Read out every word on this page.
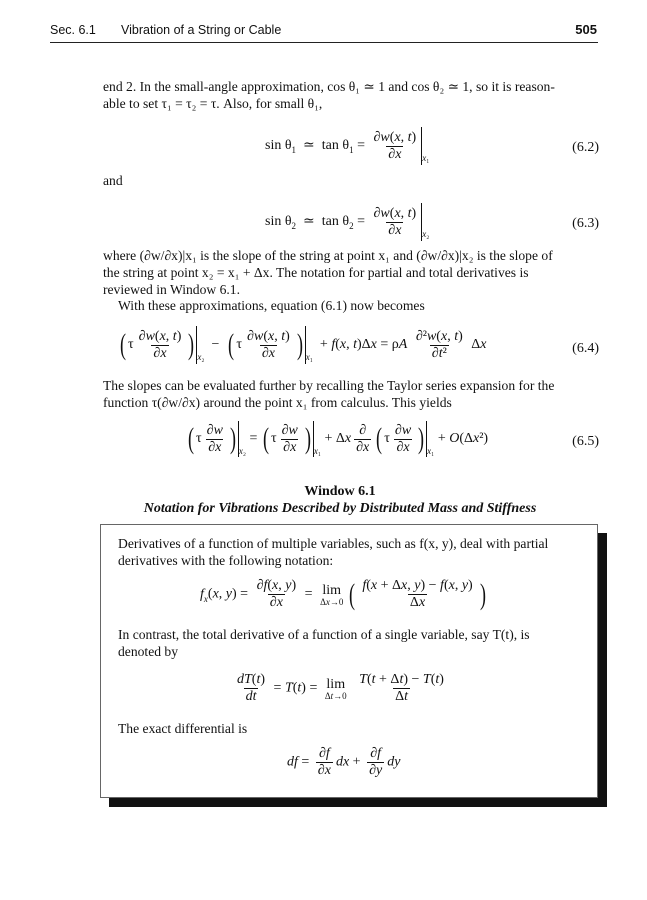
Sec. 6.1 Vibration of a String or Cable	505
end 2. In the small-angle approximation, cos θ₁ ≃ 1 and cos θ₂ ≃ 1, so it is reason-
able to set τ₁ = τ₂ = τ. Also, for small θ₁,
$\sin \theta_1$  ≃  $\tan \theta_1 = \frac{\partial w(x, t)}{\partial x} _{x_1}$
(6.2)
and
$\sin \theta_2$  ≃  $\tan \theta_2 = \frac{\partial w(x, t)}{\partial x} _{x_2}$
(6.3)
where (∂w/∂x)|x₁ is the slope of the string at point x₁ and (∂w/∂x)|x₂ is the slope of
the string at point x₂ = x₁ + Δx. The notation for partial and total derivatives is
reviewed in Window 6.1.
With these approximations, equation (6.1) now becomes
( τ $\frac{\partial w(x, t)}{\partial x}$ ) $_{x_2}$  −  ( τ $\frac{\partial w(x, t)}{\partial x}$ ) $_{x_1}$  + f(x, t)Δx = ρA $\frac{\text{∂²w(x, t)}}{\text{∂t²}}$ Δx	(6.4)
The slopes can be evaluated further by recalling the Taylor series expansion for the
function τ(∂w/∂x) around the point x₁ from calculus. This yields
( τ $\frac{\partial w}{\partial x}$ ) $_{x_2}$ = ( τ $\frac{\partial w}{\partial x}$ ) $_{x_1}$ + Δx $\frac{\partial}{\partial x}$ ( τ $\frac{\partial w}{\partial x}$ ) $_{x_1}$ + O(Δx²)	(6.5)
Window 6.1
Notation for Vibrations Described by Distributed Mass and Stiffness
Derivatives of a function of multiple variables, such as f(x, y), deal with partial
derivatives with the following notation:
$f_x(x$, $y) = \frac{\partial f(x, y)}{\partial x} = \lim$
Δx→0 ( $\frac{f(x + \Delta x, y) - f(x, y)}{\Delta x}$ )
In contrast, the total derivative of a function of a single variable, say T(t), is
denoted by
$\frac{dT(t)}{dt}$ = Ṫ(t) = lim
Δt→0
$\frac{T(t + \Delta t) - T(t)}{\Delta t}$
The exact differential is
df = $\frac{\partial f}{\partial x}$ dx + $\frac{\partial f}{\partial y}$ dy
